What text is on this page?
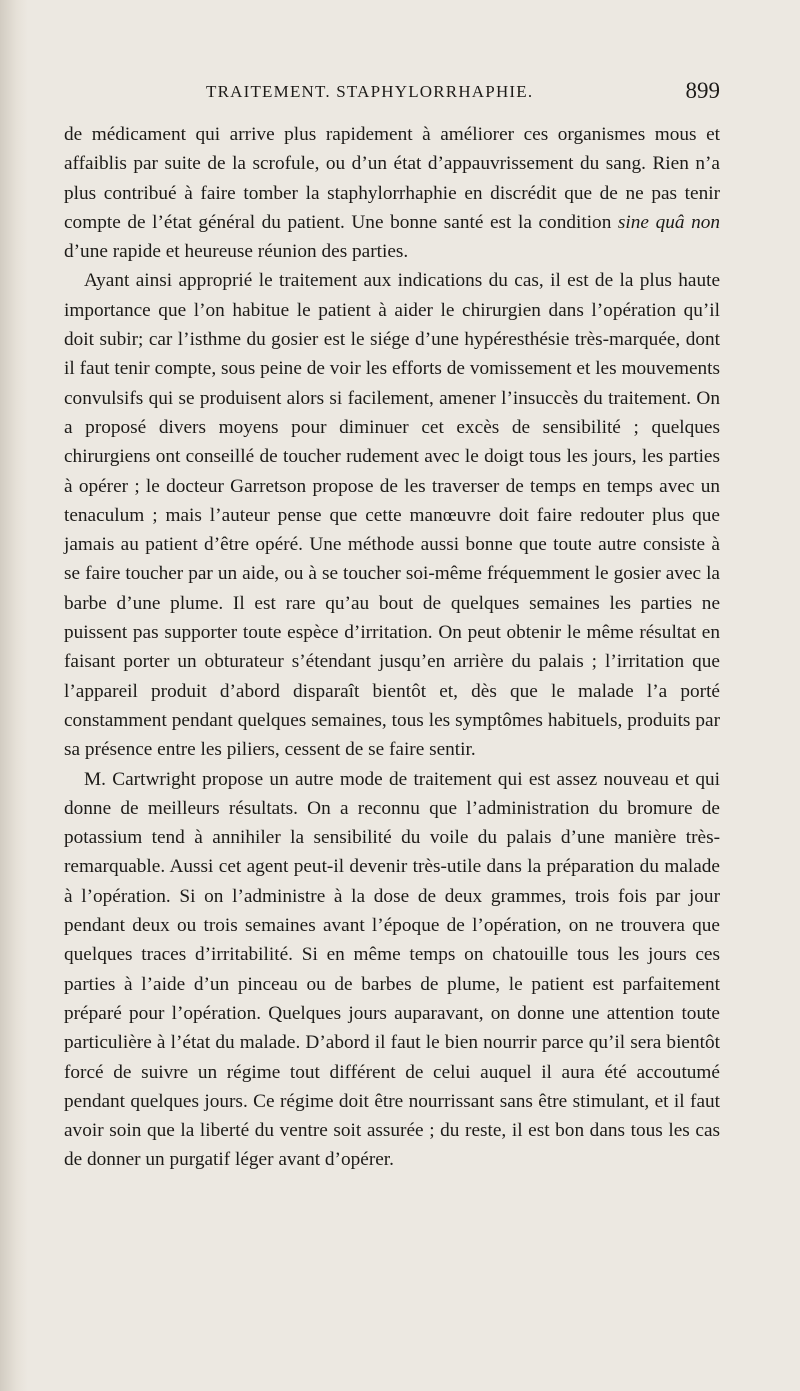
TRAITEMENT. STAPHYLORRHAPHIE.	899

de médicament qui arrive plus rapidement à améliorer ces organismes mous et affaiblis par suite de la scrofule, ou d’un état d’appauvrissement du sang. Rien n’a plus contribué à faire tomber la staphylorrhaphie en discrédit que de ne pas tenir compte de l’état général du patient. Une bonne santé est la condition sine quâ non d’une rapide et heureuse réunion des parties.

Ayant ainsi approprié le traitement aux indications du cas, il est de la plus haute importance que l’on habitue le patient à aider le chirurgien dans l’opération qu’il doit subir; car l’isthme du gosier est le siége d’une hypéresthésie très-marquée, dont il faut tenir compte, sous peine de voir les efforts de vomissement et les mouvements convulsifs qui se produisent alors si facilement, amener l’insuccès du traitement. On a proposé divers moyens pour diminuer cet excès de sensibilité ; quelques chirurgiens ont conseillé de toucher rudement avec le doigt tous les jours, les parties à opérer ; le docteur Garretson propose de les traverser de temps en temps avec un tenaculum ; mais l’auteur pense que cette manœuvre doit faire redouter plus que jamais au patient d’être opéré. Une méthode aussi bonne que toute autre consiste à se faire toucher par un aide, ou à se toucher soi-même fréquemment le gosier avec la barbe d’une plume. Il est rare qu’au bout de quelques semaines les parties ne puissent pas supporter toute espèce d’irritation. On peut obtenir le même résultat en faisant porter un obturateur s’étendant jusqu’en arrière du palais ; l’irritation que l’appareil produit d’abord disparaît bientôt et, dès que le malade l’a porté constamment pendant quelques semaines, tous les symptômes habituels, produits par sa présence entre les piliers, cessent de se faire sentir.

M. Cartwright propose un autre mode de traitement qui est assez nouveau et qui donne de meilleurs résultats. On a reconnu que l’administration du bromure de potassium tend à annihiler la sensibilité du voile du palais d’une manière très-remarquable. Aussi cet agent peut-il devenir très-utile dans la préparation du malade à l’opération. Si on l’administre à la dose de deux grammes, trois fois par jour pendant deux ou trois semaines avant l’époque de l’opération, on ne trouvera que quelques traces d’irritabilité. Si en même temps on chatouille tous les jours ces parties à l’aide d’un pinceau ou de barbes de plume, le patient est parfaitement préparé pour l’opération. Quelques jours auparavant, on donne une attention toute particulière à l’état du malade. D’abord il faut le bien nourrir parce qu’il sera bientôt forcé de suivre un régime tout différent de celui auquel il aura été accoutumé pendant quelques jours. Ce régime doit être nourrissant sans être stimulant, et il faut avoir soin que la liberté du ventre soit assurée ; du reste, il est bon dans tous les cas de donner un purgatif léger avant d’opérer.
